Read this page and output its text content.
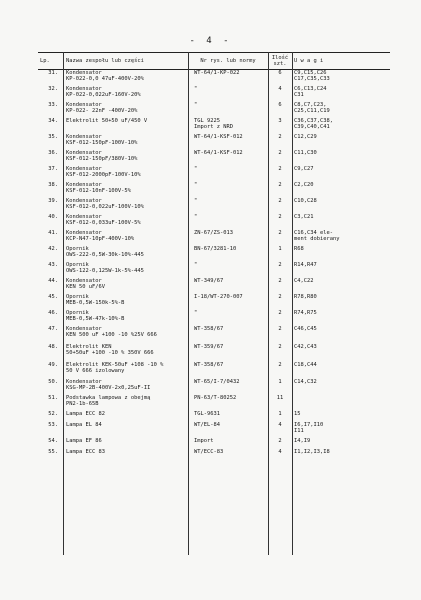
- 4 -
Lp.	Nazwa zespołu lub części	Nr rys. lub normy	Ilość szt.	U w a g i
31.	Kondensator
KP-022-0,0 47uF-400V-20%	WT-64/1-KP-022	6	C9,C15,C26
C17,C35,C33
32.	Kondensator
KP-022-0,022uF-160V-20%	"	4	C6,C13,C24
C31
33.	Kondensator
KP-022- 22nF -400V-20%	"	6	C8,C7,C23,
C25,C11,C19
34.	Elektrolit 50+50 uF/450 V	TGL 9225
Import z NRD	3	C36,C37,C38,
C39,C40,C41
35.	Kondensator
KSF-012-150pF-100V-10%	WT-64/1-KSF-012	2	C12,C29
36.	Kondensator
KSF-012-150pF/380V-10%	WT-64/1-KSF-012	2	C11,C30
37.	Kondensator
KSF-012-2000pF-100V-10%	"	2	C9,C27
38.	Kondensator
KSF-012-10nF-100V-5%	"	2	C2,C20
39.	Kondensator
KSF-012-0,022uF-100V-10%	"	2	C10,C28
40.	Kondensator
KSF-012-0,033uF-100V-5%	"	2	C3,C21
41.	Kondensator
KCP-N47-10pF-400V-10%	ZN-67/ZS-013	2	C16,C34 ele-
ment dobierany
42.	Opornik
OWS-222-0,5W-30k-10%-445	BN-67/3281-10	1	R68
43.	Opornik
OWS-122-0,125W-1k-5%-445	"	2	R14,R47
44.	Kondensator
KEN 50 uF/6V	WT-349/67	2	C4,C22
45.	Opornik
MEB-0,5W-150k-5%-B	I-18/WT-270-007	2	R78,R80
46.	Opornik
MEB-0,5W-47k-10%-B	"	2	R74,R75
47.	Kondensator
KEN 500 uF +100 -10 %25V 666	WT-358/67	2	C46,C45
48.	Elektrolit KEN
50+50uF +100 -10 % 350V 666	WT-359/67	2	C42,C43
49.	Elektrolit KEK-50uF +108 -10 %
50 V 666 izolowany	WT-358/67	2	C18,C44
50.	Kondensator
KSG-MP-2B-400V-2x0,25uF-II	WT-65/I-7/0432	1	C14,C32
51.	Podstawka lampowa z obejmą
PN2-1b-65B	PN-63/T-80252	11	
52.	Lampa ECC 82	TGL-9631	1	15
53.	Lampa EL 84	WT/EL-84	4	I6,I7,I10
I11
54.	Lampa EF 86	Import	2	I4,I9
55.	Lampa ECC 83	WT/ECC-83	4	I1,I2,I3,I8
